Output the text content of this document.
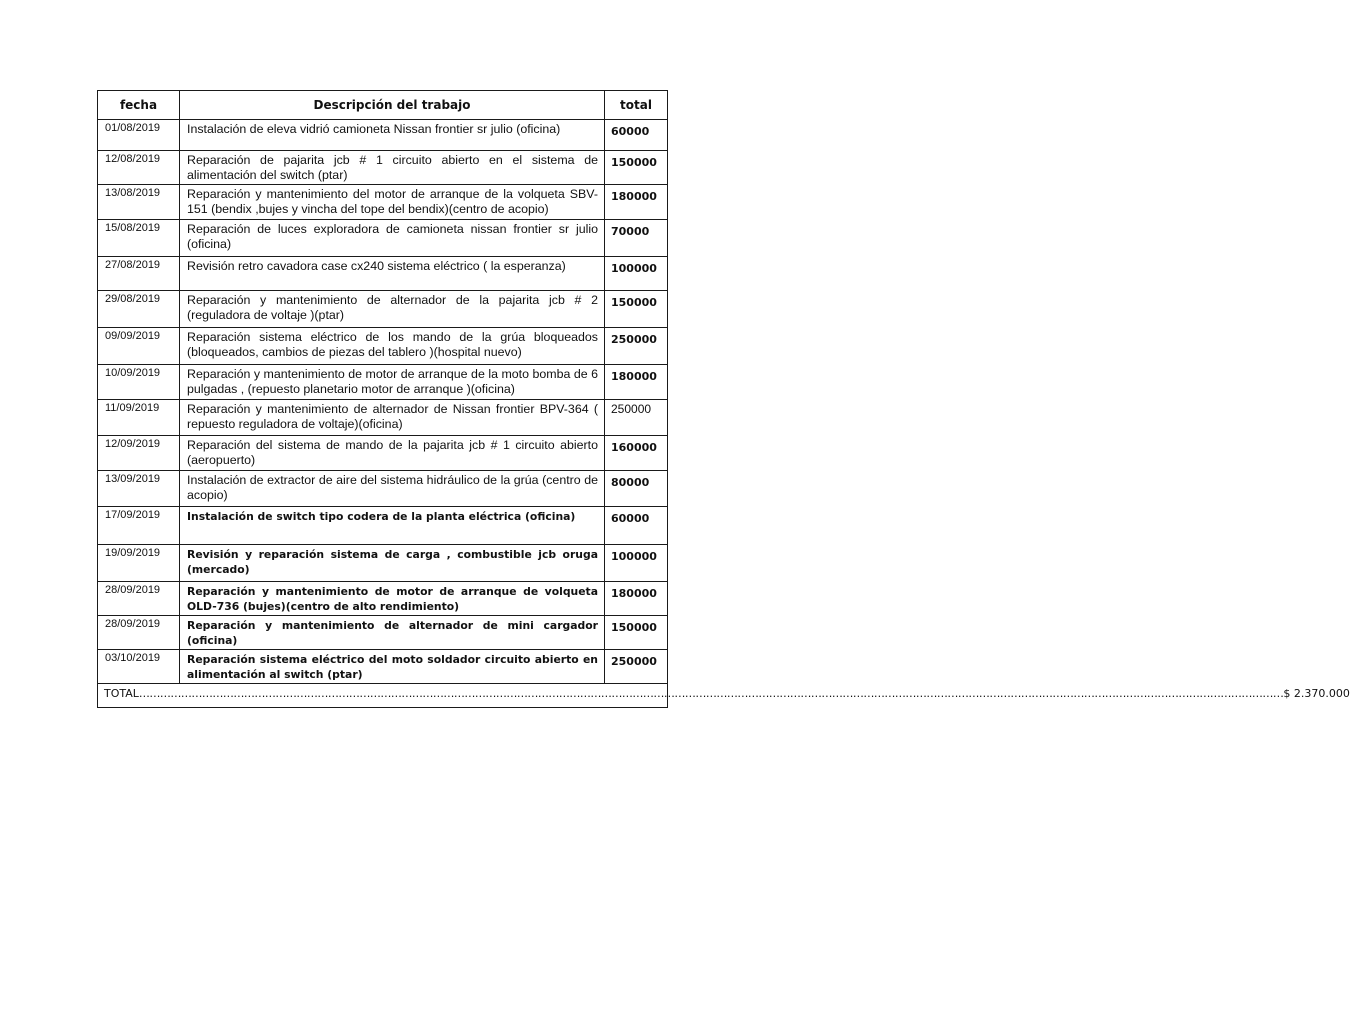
fecha	Descripción del trabajo	total
01/08/2019	Instalación de eleva vidrió camioneta Nissan frontier sr julio (oficina)	60000
12/08/2019	Reparación de pajarita jcb # 1 circuito abierto en el sistema de alimentación del switch (ptar)	150000
13/08/2019	Reparación y mantenimiento del motor de arranque de la volqueta SBV-151 (bendix ,bujes y vincha del tope del bendix)(centro de acopio)	180000
15/08/2019	Reparación de luces exploradora de camioneta nissan frontier sr julio (oficina)	70000
27/08/2019	Revisión retro cavadora case cx240 sistema eléctrico ( la esperanza)	100000
29/08/2019	Reparación y mantenimiento de alternador de la pajarita jcb # 2 (reguladora de voltaje )(ptar)	150000
09/09/2019	Reparación sistema eléctrico de los mando de la grúa bloqueados (bloqueados, cambios de piezas del tablero )(hospital nuevo)	250000
10/09/2019	Reparación y mantenimiento de motor de arranque de la moto bomba de 6 pulgadas , (repuesto planetario motor de arranque )(oficina)	180000
11/09/2019	Reparación y mantenimiento de alternador de Nissan frontier BPV-364 ( repuesto reguladora de voltaje)(oficina)	250000
12/09/2019	Reparación del sistema de mando de la pajarita jcb # 1 circuito abierto (aeropuerto)	160000
13/09/2019	Instalación de extractor de aire del sistema hidráulico de la grúa (centro de acopio)	80000
17/09/2019	Instalación de switch tipo codera de la planta eléctrica (oficina)	60000
19/09/2019	Revisión y reparación sistema de carga , combustible jcb oruga (mercado)	100000
28/09/2019	Reparación y mantenimiento de motor de arranque de volqueta OLD-736 (bujes)(centro de alto rendimiento)	180000
28/09/2019	Reparación y mantenimiento de alternador de mini cargador (oficina)	150000
03/10/2019	Reparación sistema eléctrico del moto soldador circuito abierto en alimentación al switch (ptar)	250000

TOTAL ………………………………………………………………………………………………………………………………………………………………………………………………………………………………………………………………………………………………… $ 2.370.000		
